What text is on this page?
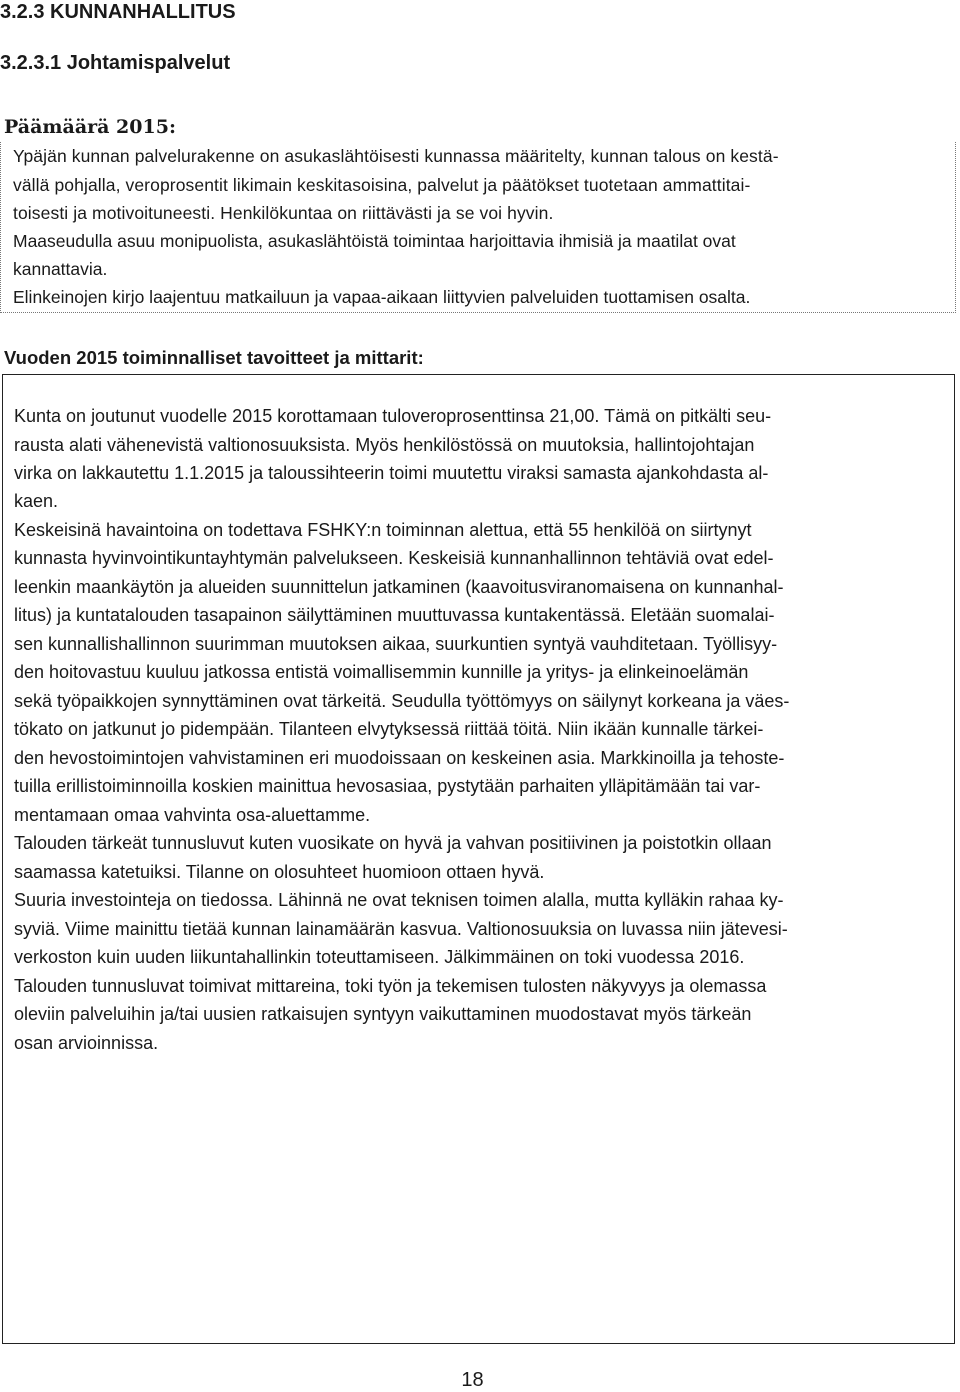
3.2.3 KUNNANHALLITUS
3.2.3.1 Johtamispalvelut
Päämäärä 2015:
Ypäjän kunnan palvelurakenne on asukaslähtöisesti kunnassa määritelty, kunnan talous on kestä-
vällä pohjalla, veroprosentit likimain keskitasoisina, palvelut ja päätökset tuotetaan ammattitai-
toisesti ja motivoituneesti. Henkilökuntaa on riittävästi ja se voi hyvin.
Maaseudulla asuu monipuolista, asukaslähtöistä toimintaa harjoittavia ihmisiä ja maatilat ovat
kannattavia.
Elinkeinojen kirjo laajentuu matkailuun ja vapaa-aikaan liittyvien palveluiden tuottamisen osalta.
Vuoden 2015 toiminnalliset tavoitteet ja mittarit:
Kunta on joutunut vuodelle 2015 korottamaan tuloveroprosenttinsa 21,00. Tämä on pitkälti seu-
rausta alati vähenevistä valtionosuuksista. Myös henkilöstössä on muutoksia, hallintojohtajan
virka on lakkautettu 1.1.2015 ja taloussihteerin toimi muutettu viraksi samasta ajankohdasta al-
kaen.
Keskeisinä havaintoina on todettava FSHKY:n toiminnan alettua, että 55 henkilöä on siirtynyt
kunnasta hyvinvointikuntayhtymän palvelukseen. Keskeisiä kunnanhallinnon tehtäviä ovat edel-
leenkin maankäytön ja alueiden suunnittelun jatkaminen (kaavoitusviranomaisena on kunnanhal-
litus) ja kuntatalouden tasapainon säilyttäminen muuttuvassa kuntakentässä. Eletään suomalai-
sen kunnallishallinnon suurimman muutoksen aikaa, suurkuntien syntyä vauhditetaan. Työllisyy-
den hoitovastuu kuuluu jatkossa entistä voimallisemmin kunnille ja yritys- ja elinkeinoelämän
sekä työpaikkojen synnyttäminen ovat tärkeitä. Seudulla työttömyys on säilynyt korkeana ja väes-
tökato on jatkunut jo pidempään. Tilanteen elvytyksessä riittää töitä. Niin ikään kunnalle tärkei-
den hevostoimintojen vahvistaminen eri muodoissaan on keskeinen asia. Markkinoilla ja tehoste-
tuilla erillistoiminnoilla koskien mainittua hevosasiaa, pystytään parhaiten ylläpitämään tai var-
mentamaan omaa vahvinta osa-aluettamme.
Talouden tärkeät tunnusluvut kuten vuosikate on hyvä ja vahvan positiivinen ja poistotkin ollaan
saamassa katetuiksi. Tilanne on olosuhteet huomioon ottaen hyvä.
Suuria investointeja on tiedossa. Lähinnä ne ovat teknisen toimen alalla, mutta kylläkin rahaa ky-
syviä. Viime mainittu tietää kunnan lainamäärän kasvua. Valtionosuuksia on luvassa niin jätevesi-
verkoston kuin uuden liikuntahallinkin toteuttamiseen. Jälkimmäinen on toki vuodessa 2016.
Talouden tunnusluvat toimivat mittareina, toki työn ja tekemisen tulosten näkyvyys ja olemassa
oleviin palveluihin ja/tai uusien ratkaisujen syntyyn vaikuttaminen muodostavat myös tärkeän
osan arvioinnissa.
18
